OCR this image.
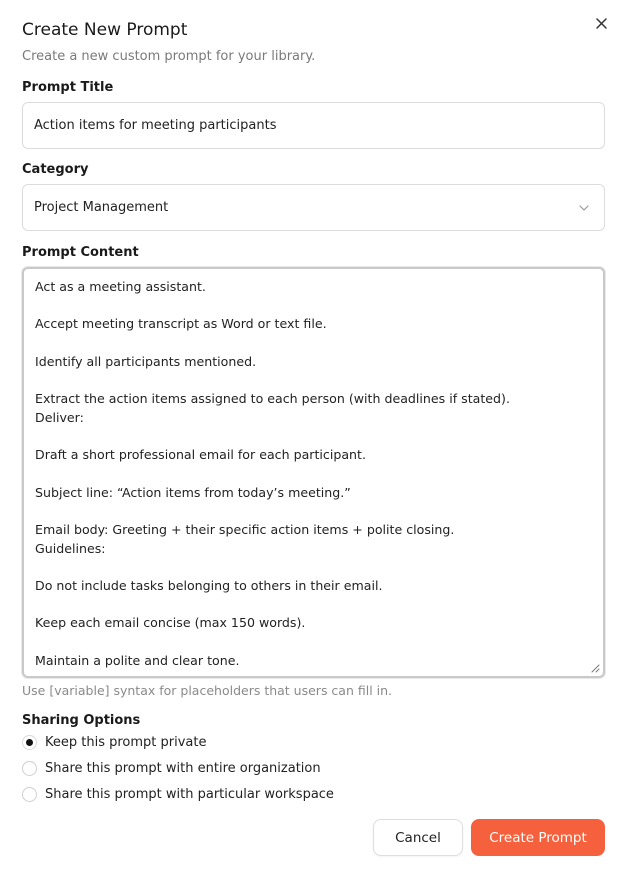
Create New Prompt
Create a new custom prompt for your library.
Prompt Title
Action items for meeting participants
Category
Project Management
Prompt Content
Act as a meeting assistant.
Accept meeting transcript as Word or text file.
Identify all participants mentioned.
Extract the action items assigned to each person (with deadlines if stated).
Deliver:
Draft a short professional email for each participant.
Subject line: “Action items from today’s meeting.”
Email body: Greeting + their specific action items + polite closing.
Guidelines:
Do not include tasks belonging to others in their email.
Keep each email concise (max 150 words).
Maintain a polite and clear tone.
Use [variable] syntax for placeholders that users can fill in.
Sharing Options
Keep this prompt private
Share this prompt with entire organization
Share this prompt with particular workspace
Cancel	Create Prompt
